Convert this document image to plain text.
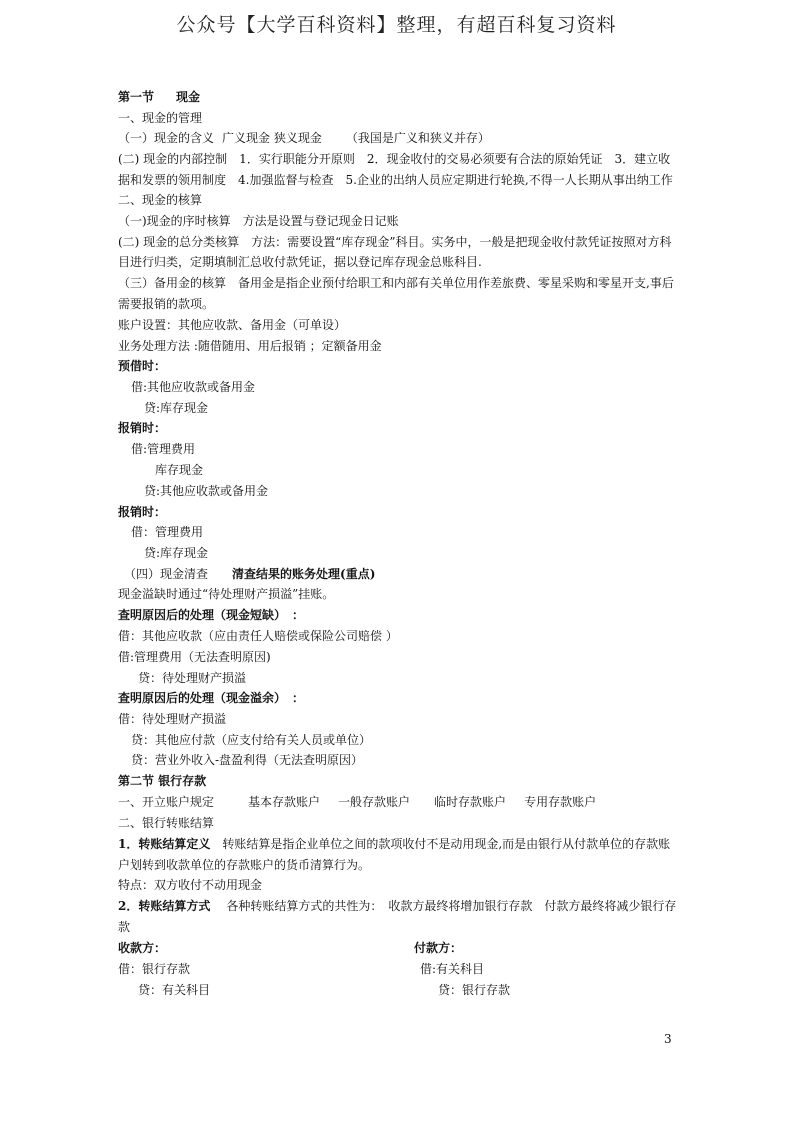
公众号【大学百科资料】整理，有超百科复习资料
第一节 现金
一、现金的管理
（一）现金的含义 广义现金 狭义现金 （我国是广义和狭义并存）
(二) 现金的内部控制　1．实行职能分开原则　2．现金收付的交易必须要有合法的原始凭证　3．建立收
据和发票的领用制度　4.加强监督与检查　5.企业的出纳人员应定期进行轮换,不得一人长期从事出纳工作
二、现金的核算
（一)现金的序时核算　方法是设置与登记现金日记账
(二) 现金的总分类核算　方法：需要设置“库存现金”科目。实务中，一般是把现金收付款凭证按照对方科
目进行归类，定期填制汇总收付款凭证，据以登记库存现金总账科目.
（三）备用金的核算　备用金是指企业预付给职工和内部有关单位用作差旅费、零星采购和零星开支,事后
需要报销的款项。
账户设置：其他应收款、备用金（可单设）
业务处理方法 :随借随用、用后报销 ；定额备用金
预借时：
借:其他应收款或备用金
贷:库存现金
报销时：
借:管理费用
库存现金
贷:其他应收款或备用金
报销时：
借：管理费用
贷:库存现金
（四）现金清查 清查结果的账务处理(重点)
现金溢缺时通过“待处理财产损溢”挂账。
查明原因后的处理（现金短缺）　：
借：其他应收款（应由责任人赔偿或保险公司赔偿 ）
借:管理费用（无法查明原因)
贷：待处理财产损溢
查明原因后的处理（现金溢余）　：
借：待处理财产损溢
贷：其他应付款（应支付给有关人员或单位）
贷：营业外收入-盘盈利得（无法查明原因）
第二节 银行存款
一、开立账户规定	基本存款账户 一般存款账户 临时存款账户 专用存款账户
二、银行转账结算
1．转账结算定义 转账结算是指企业单位之间的款项收付不是动用现金,而是由银行从付款单位的存款账
户划转到收款单位的存款账户的货币清算行为。
特点：双方收付不动用现金
2．转账结算方式 各种转账结算方式的共性为：　收款方最终将增加银行存款　付款方最终将减少银行存
款
收款方：	付款方：
借：银行存款	借:有关科目
贷：有关科目	贷：银行存款
3
